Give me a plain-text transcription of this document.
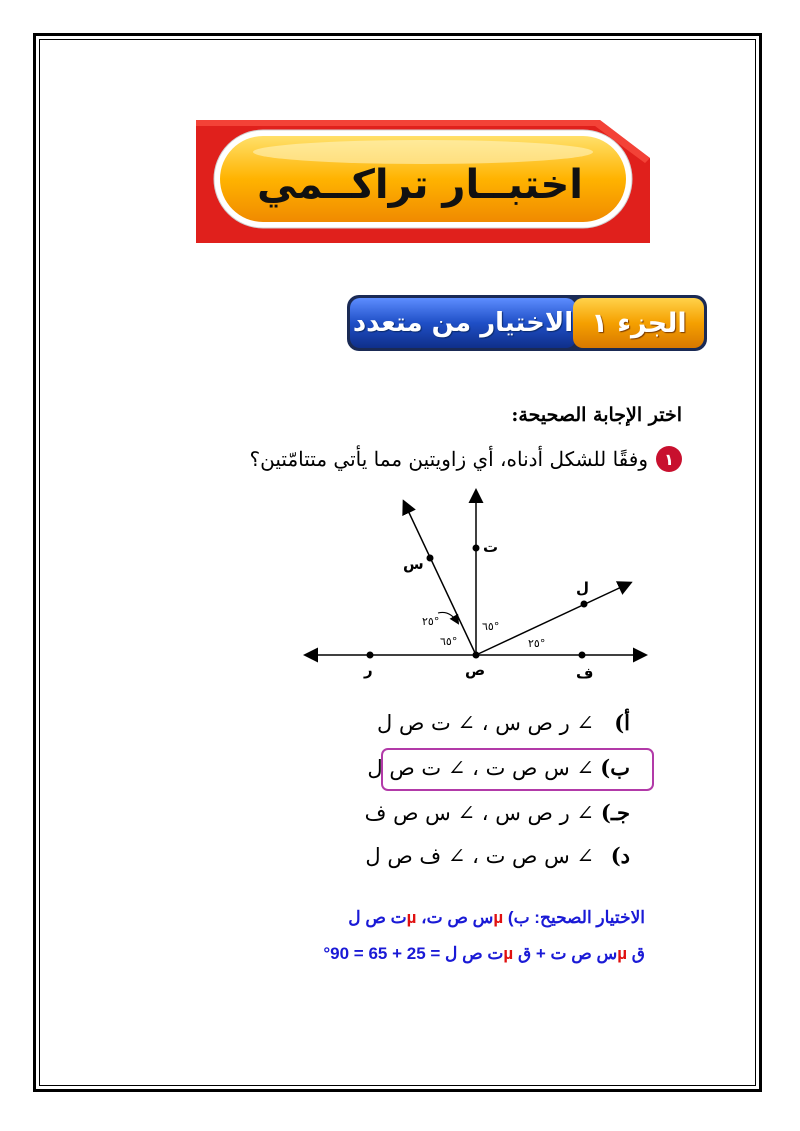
اختبــار تراكــمي
الجزء ١
الاختيار من متعدد
اختر الإجابة الصحيحة:
١
وفقًا للشكل أدناه، أي زاويتين مما يأتي متتامّتين؟
ت
س
ل
ر	ص	ف
٢٥°
٦٥°
٦٥°
٢٥°
أ)
∠ ر ص س ، ∠ ت ص ل
ب)
∠ س ص ت ، ∠ ت ص ل
جـ)
∠ ر ص س ، ∠ س ص ف
د)
∠ س ص ت ، ∠ ف ص ل
الاختيار الصحيح: ب) µس ص ت، µت ص ل
ق µس ص ت + ق µت ص ل = 25 + 65 = 90°
